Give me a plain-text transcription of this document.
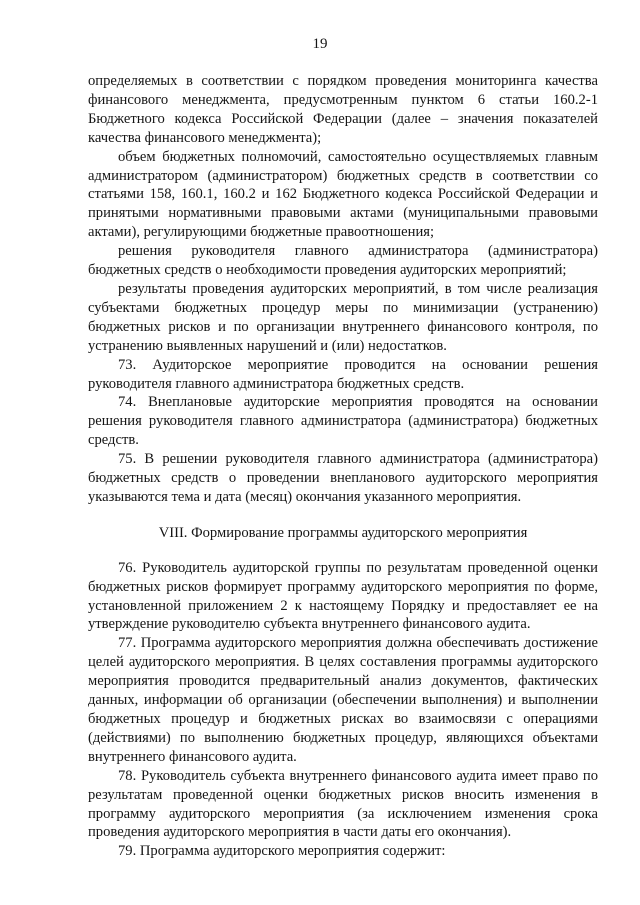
19

определяемых в соответствии с порядком проведения мониторинга качества финансового менеджмента, предусмотренным пунктом 6 статьи 160.2-1 Бюджетного кодекса Российской Федерации (далее – значения показателей качества финансового менеджмента);

объем бюджетных полномочий, самостоятельно осуществляемых главным администратором (администратором) бюджетных средств в соответствии со статьями 158, 160.1, 160.2 и 162 Бюджетного кодекса Российской Федерации и принятыми нормативными правовыми актами (муниципальными правовыми актами), регулирующими бюджетные правоотношения;

решения руководителя главного администратора (администратора) бюджетных средств о необходимости проведения аудиторских мероприятий;

результаты проведения аудиторских мероприятий, в том числе реализация субъектами бюджетных процедур меры по минимизации (устранению) бюджетных рисков и по организации внутреннего финансового контроля, по устранению выявленных нарушений и (или) недостатков.

73. Аудиторское мероприятие проводится на основании решения руководителя главного администратора бюджетных средств.

74. Внеплановые аудиторские мероприятия проводятся на основании решения руководителя главного администратора (администратора) бюджетных средств.

75. В решении руководителя главного администратора (администратора) бюджетных средств о проведении внепланового аудиторского мероприятия указываются тема и дата (месяц) окончания указанного мероприятия.

VIII. Формирование программы аудиторского мероприятия

76. Руководитель аудиторской группы по результатам проведенной оценки бюджетных рисков формирует программу аудиторского мероприятия по форме, установленной приложением 2 к настоящему Порядку и предоставляет ее на утверждение руководителю субъекта внутреннего финансового аудита.

77. Программа аудиторского мероприятия должна обеспечивать достижение целей аудиторского мероприятия. В целях составления программы аудиторского мероприятия проводится предварительный анализ документов, фактических данных, информации об организации (обеспечении выполнения) и выполнении бюджетных процедур и бюджетных рисках во взаимосвязи с операциями (действиями) по выполнению бюджетных процедур, являющихся объектами внутреннего финансового аудита.

78. Руководитель субъекта внутреннего финансового аудита имеет право по результатам проведенной оценки бюджетных рисков вносить изменения в программу аудиторского мероприятия (за исключением изменения срока проведения аудиторского мероприятия в части даты его окончания).

79. Программа аудиторского мероприятия содержит:
